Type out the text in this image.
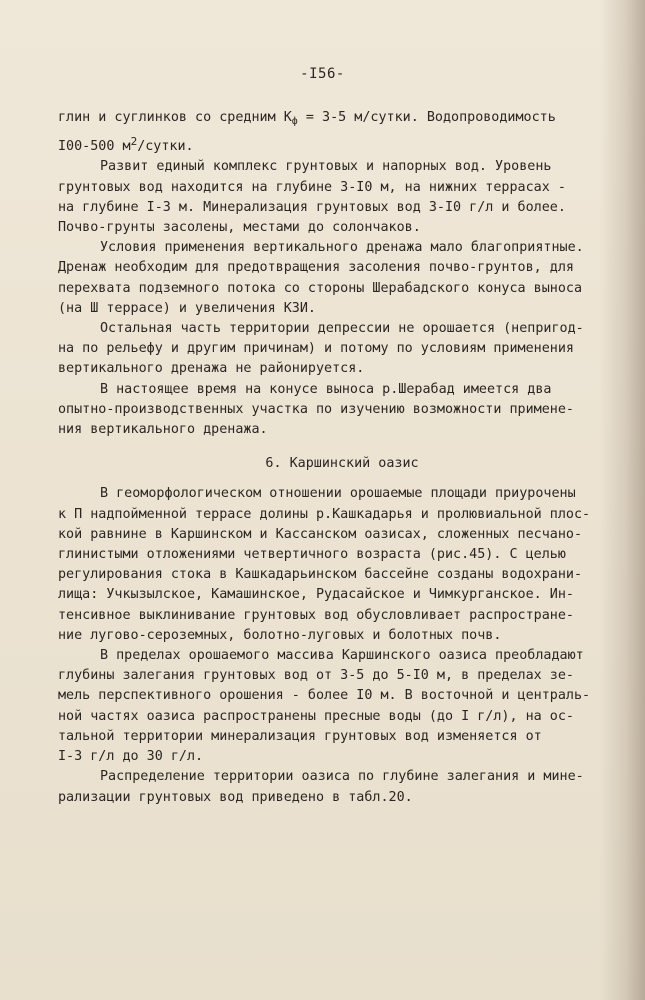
-I56-

глин и суглинков со средним $К_ф = 3-5$ м/сутки. Водопроводимость
I00-500 $м^2$/сутки.

Развит единый комплекс грунтовых и напорных вод. Уровень
грунтовых вод находится на глубине 3-I0 м, на нижних террасах -
на глубине I-3 м. Минерализация грунтовых вод 3-I0 г/л и более.
Почво-грунты засолены, местами до солончаков.

Условия применения вертикального дренажа мало благоприятные.
Дренаж необходим для предотвращения засоления почво-грунтов, для
перехвата подземного потока со стороны Шерабадского конуса выноса
(на Ш террасе) и увеличения КЗИ.

Остальная часть территории депрессии не орошается (непригод-
на по рельефу и другим причинам) и потому по условиям применения
вертикального дренажа не районируется.

В настоящее время на конусе выноса р.Шерабад имеется два
опытно-производственных участка по изучению возможности примене-
ния вертикального дренажа.

6. Каршинский оазис

В геоморфологическом отношении орошаемые площади приурочены
к П надпойменной террасе долины р.Кашкадарья и пролювиальной плос-
кой равнине в Каршинском и Кассанском оазисах, сложенных песчано-
глинистыми отложениями четвертичного возраста (рис.45). С целью
регулирования стока в Кашкадарьинском бассейне созданы водохрани-
лища: Учкызылское, Камашинское, Рудасайское и Чимкурганское. Ин-
тенсивное выклинивание грунтовых вод обусловливает распростране-
ние лугово-сероземных, болотно-луговых и болотных почв.

В пределах орошаемого массива Каршинского оазиса преобладают
глубины залегания грунтовых вод от 3-5 до 5-I0 м, в пределах зе-
мель перспективного орошения - более I0 м. В восточной и централь-
ной частях оазиса распространены пресные воды (до I г/л), на ос-
тальной территории минерализация грунтовых вод изменяется от
I-3 г/л до 30 г/л.

Распределение территории оазиса по глубине залегания и мине-
рализации грунтовых вод приведено в табл.20.
